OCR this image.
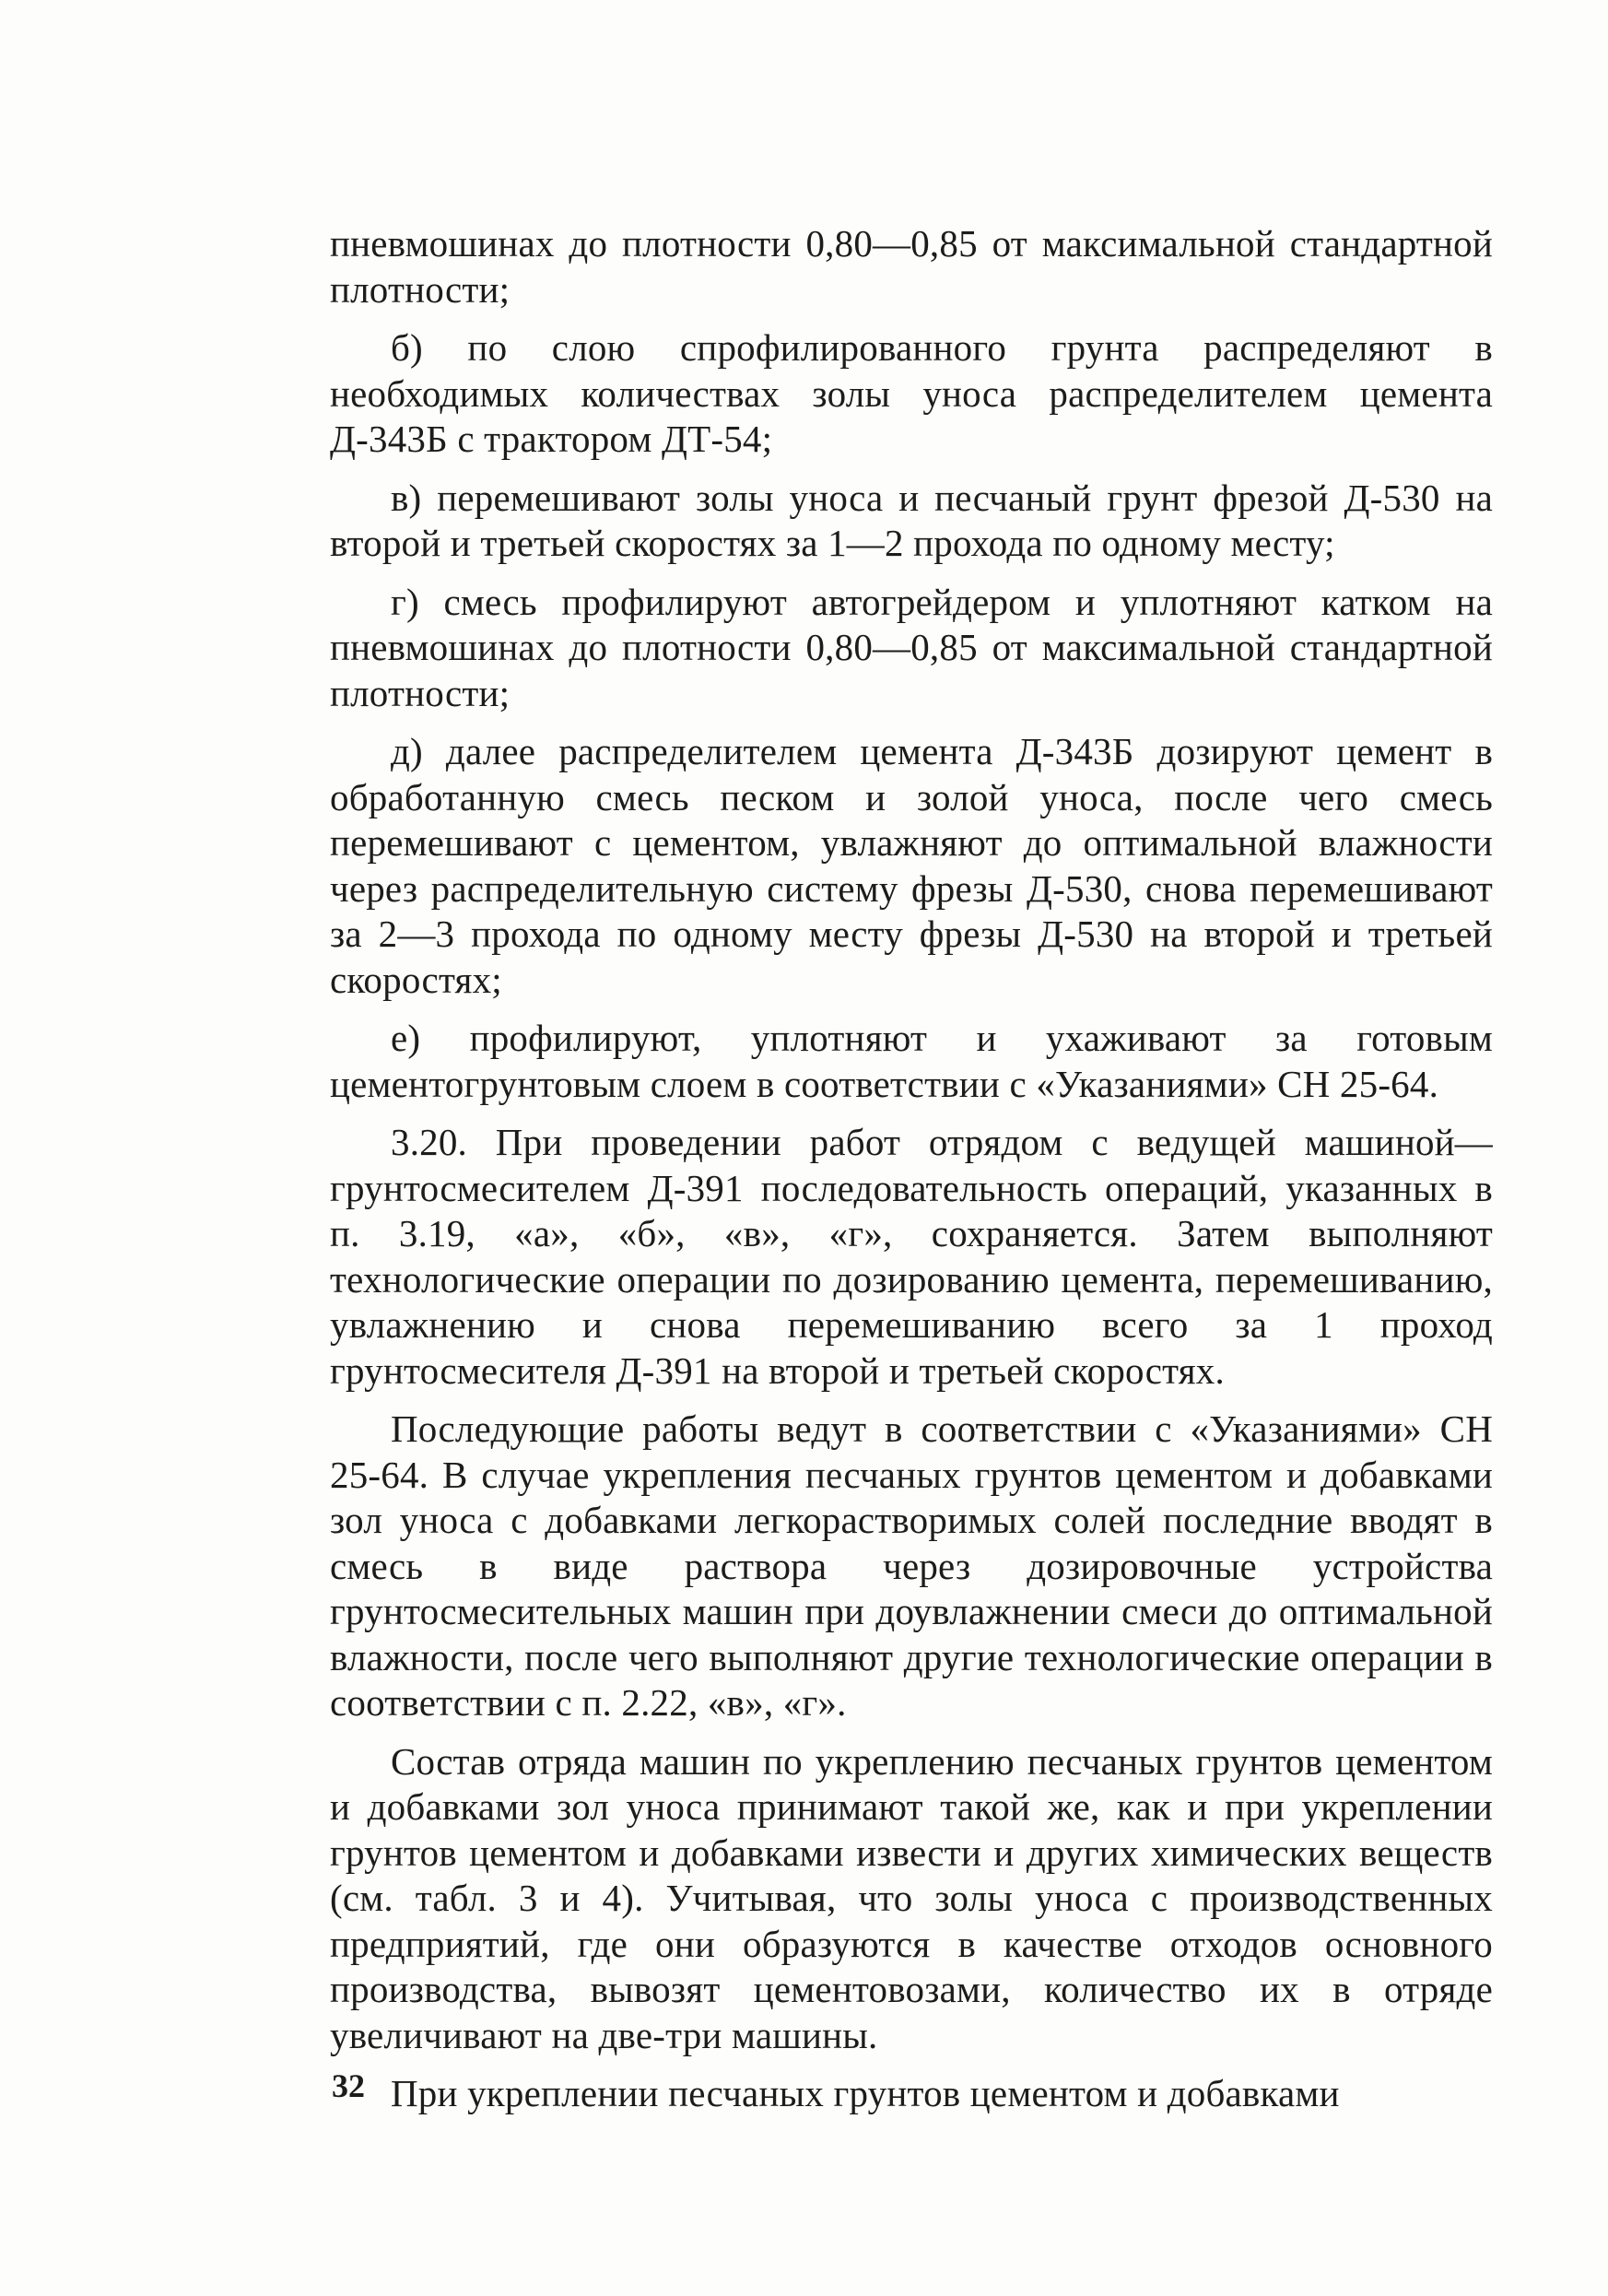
пневмошинах до плотности 0,80—0,85 от максимальной стандартной плотности;

б) по слою спрофилированного грунта распределяют в необходимых количествах золы уноса распределителем цемента Д-343Б с трактором ДТ-54;

в) перемешивают золы уноса и песчаный грунт фрезой Д-530 на второй и третьей скоростях за 1—2 прохода по одному месту;

г) смесь профилируют автогрейдером и уплотняют катком на пневмошинах до плотности 0,80—0,85 от максимальной стандартной плотности;

д) далее распределителем цемента Д-343Б дозируют цемент в обработанную смесь песком и золой уноса, после чего смесь перемешивают с цементом, увлажняют до оптимальной влажности через распределительную систему фрезы Д-530, снова перемешивают за 2—3 прохода по одному месту фрезы Д-530 на второй и третьей скоростях;

е) профилируют, уплотняют и ухаживают за готовым цементогрунтовым слоем в соответствии с «Указаниями» СН 25-64.

3.20. При проведении работ отрядом с ведущей машиной— грунтосмесителем Д-391 последовательность операций, указанных в п. 3.19, «а», «б», «в», «г», сохраняется. Затем выполняют технологические операции по дозированию цемента, перемешиванию, увлажнению и снова перемешиванию всего за 1 проход грунтосмесителя Д-391 на второй и третьей скоростях.

Последующие работы ведут в соответствии с «Указаниями» СН 25-64. В случае укрепления песчаных грунтов цементом и добавками зол уноса с добавками легкорастворимых солей последние вводят в смесь в виде раствора через дозировочные устройства грунтосмесительных машин при доувлажнении смеси до оптимальной влажности, после чего выполняют другие технологические операции в соответствии с п. 2.22, «в», «г».

Состав отряда машин по укреплению песчаных грунтов цементом и добавками зол уноса принимают такой же, как и при укреплении грунтов цементом и добавками извести и других химических веществ (см. табл. 3 и 4). Учитывая, что золы уноса с производственных предприятий, где они образуются в качестве отходов основного производства, вывозят цементовозами, количество их в отряде увеличивают на две-три машины.

При укреплении песчаных грунтов цементом и добавками

32
